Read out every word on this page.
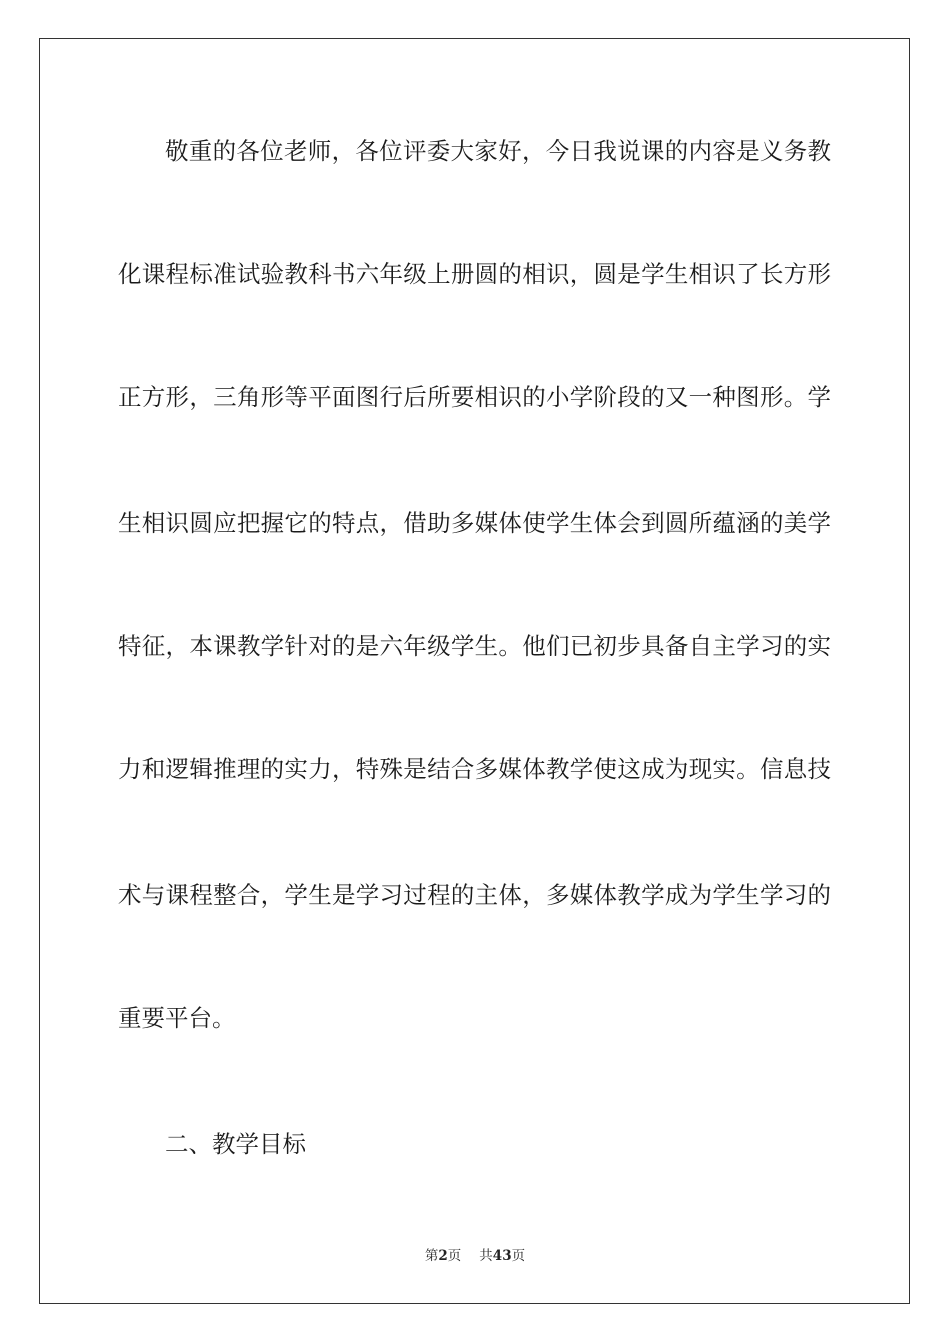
敬重的各位老师，各位评委大家好，今日我说课的内容是义务教
化课程标准试验教科书六年级上册圆的相识，圆是学生相识了长方形
正方形，三角形等平面图行后所要相识的小学阶段的又一种图形。学
生相识圆应把握它的特点，借助多媒体使学生体会到圆所蕴涵的美学
特征，本课教学针对的是六年级学生。他们已初步具备自主学习的实
力和逻辑推理的实力，特殊是结合多媒体教学使这成为现实。信息技
术与课程整合，学生是学习过程的主体，多媒体教学成为学生学习的
重要平台。
二、教学目标
第2页 共43页
